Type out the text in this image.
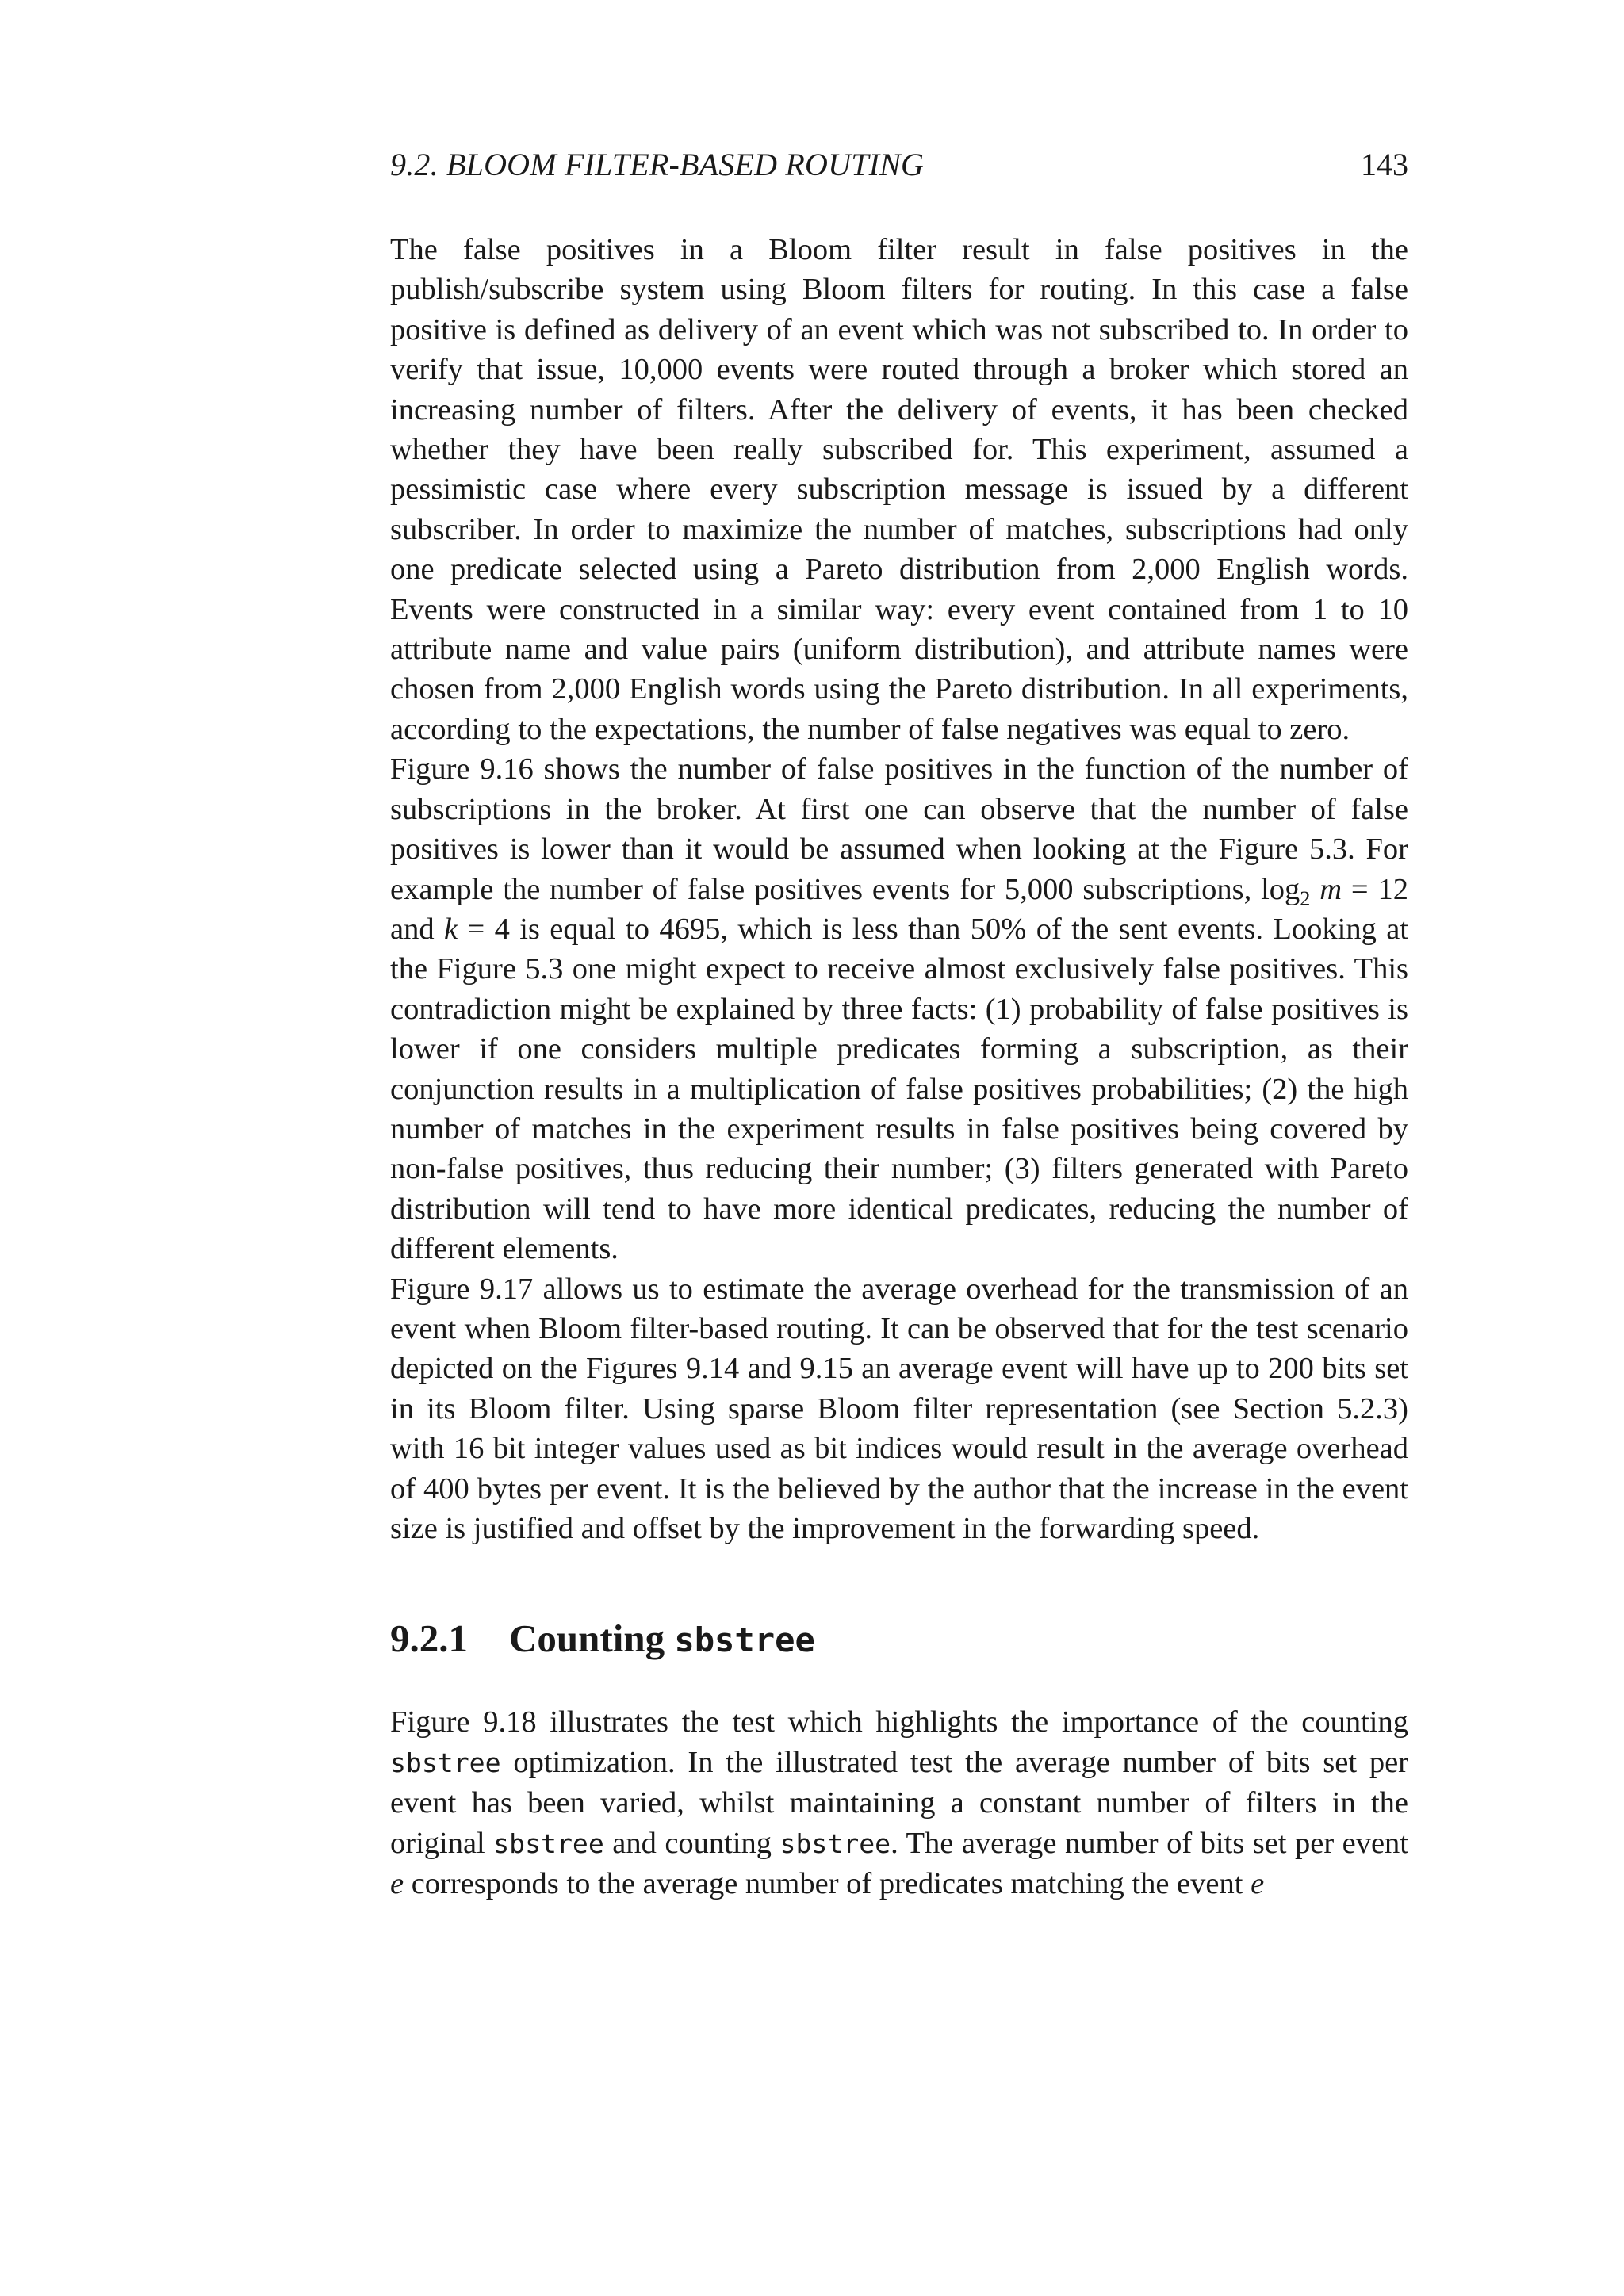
9.2. BLOOM FILTER-BASED ROUTING	143

The false positives in a Bloom filter result in false positives in the publish/subscribe system using Bloom filters for routing. In this case a false positive is defined as delivery of an event which was not subscribed to. In order to verify that issue, 10,000 events were routed through a broker which stored an increasing number of filters. After the delivery of events, it has been checked whether they have been really subscribed for. This experiment, assumed a pessimistic case where every subscription message is issued by a different subscriber. In order to maximize the number of matches, subscriptions had only one predicate selected using a Pareto distribution from 2,000 English words. Events were constructed in a similar way: every event contained from 1 to 10 attribute name and value pairs (uniform distribution), and attribute names were chosen from 2,000 English words using the Pareto distribution. In all experiments, according to the expectations, the number of false negatives was equal to zero.

Figure 9.16 shows the number of false positives in the function of the number of subscriptions in the broker. At first one can observe that the number of false positives is lower than it would be assumed when looking at the Figure 5.3. For example the number of false positives events for 5,000 subscriptions, $\log_2 m = 12$ and k = 4 is equal to 4695, which is less than 50% of the sent events. Looking at the Figure 5.3 one might expect to receive almost exclusively false positives. This contradiction might be explained by three facts: (1) probability of false positives is lower if one considers multiple predicates forming a subscription, as their conjunction results in a multiplication of false positives probabilities; (2) the high number of matches in the experiment results in false positives being covered by non-false positives, thus reducing their number; (3) filters generated with Pareto distribution will tend to have more identical predicates, reducing the number of different elements.

Figure 9.17 allows us to estimate the average overhead for the transmission of an event when Bloom filter-based routing. It can be observed that for the test scenario depicted on the Figures 9.14 and 9.15 an average event will have up to 200 bits set in its Bloom filter. Using sparse Bloom filter representation (see Section 5.2.3) with 16 bit integer values used as bit indices would result in the average overhead of 400 bytes per event. It is the believed by the author that the increase in the event size is justified and offset by the improvement in the forwarding speed.

9.2.1 Counting sbstree

Figure 9.18 illustrates the test which highlights the importance of the counting sbstree optimization. In the illustrated test the average number of bits set per event has been varied, whilst maintaining a constant number of filters in the original sbstree and counting sbstree. The average number of bits set per event e corresponds to the average number of predicates matching the event e
